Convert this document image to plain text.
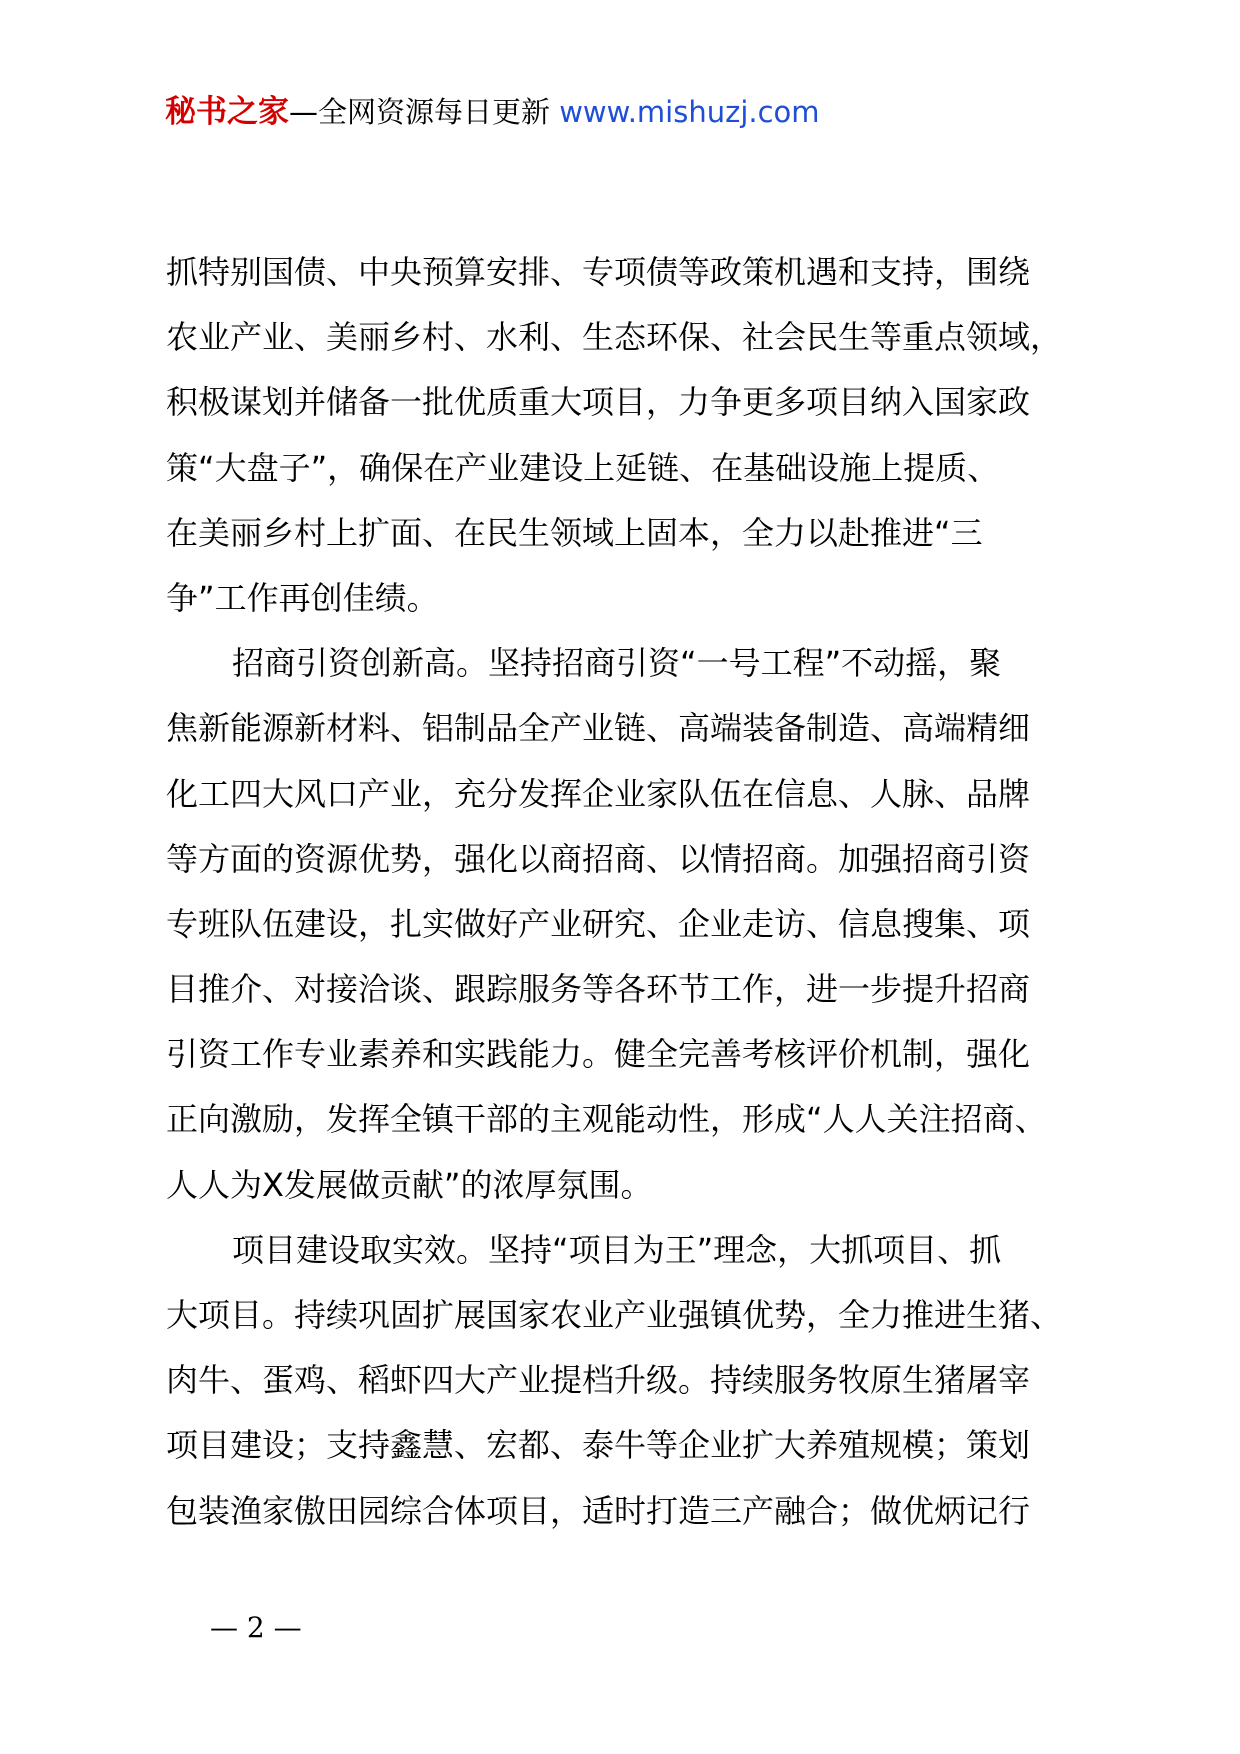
秘书之家—全网资源每日更新 www.mishuzj.com
抓特别国债、中央预算安排、专项债等政策机遇和支持，围绕
农业产业、美丽乡村、水利、生态环保、社会民生等重点领域，
积极谋划并储备一批优质重大项目，力争更多项目纳入国家政
策“大盘子”，确保在产业建设上延链、在基础设施上提质、
在美丽乡村上扩面、在民生领域上固本，全力以赴推进“三
争”工作再创佳绩。
招商引资创新高。坚持招商引资“一号工程”不动摇，聚
焦新能源新材料、铝制品全产业链、高端装备制造、高端精细
化工四大风口产业，充分发挥企业家队伍在信息、人脉、品牌
等方面的资源优势，强化以商招商、以情招商。加强招商引资
专班队伍建设，扎实做好产业研究、企业走访、信息搜集、项
目推介、对接洽谈、跟踪服务等各环节工作，进一步提升招商
引资工作专业素养和实践能力。健全完善考核评价机制，强化
正向激励，发挥全镇干部的主观能动性，形成“人人关注招商、
人人为X发展做贡献”的浓厚氛围。
项目建设取实效。坚持“项目为王”理念，大抓项目、抓
大项目。持续巩固扩展国家农业产业强镇优势，全力推进生猪、
肉牛、蛋鸡、稻虾四大产业提档升级。持续服务牧原生猪屠宰
项目建设；支持鑫慧、宏都、泰牛等企业扩大养殖规模；策划
包装渔家傲田园综合体项目，适时打造三产融合；做优炳记行
— 2 —
